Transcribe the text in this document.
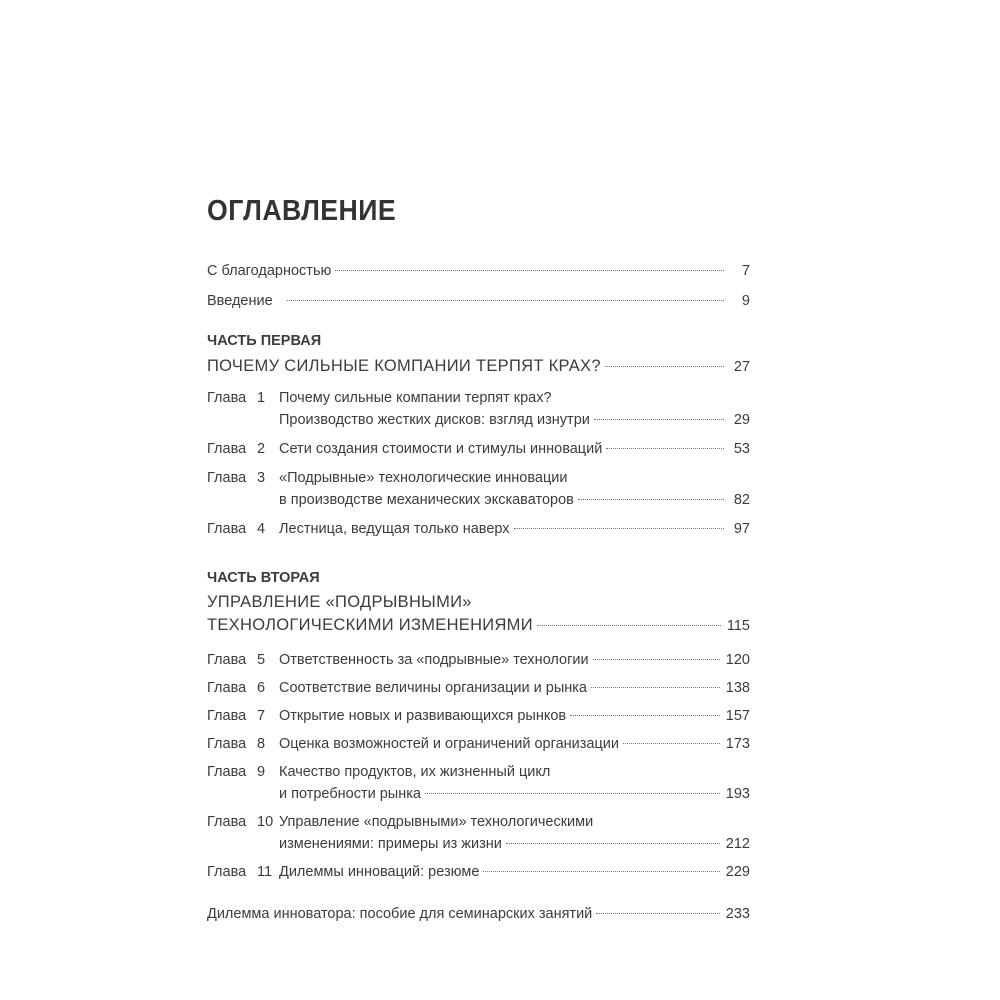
ОГЛАВЛЕНИЕ
С благодарностью	7
Введение	9
ЧАСТЬ ПЕРВАЯ
ПОЧЕМУ СИЛЬНЫЕ КОМПАНИИ ТЕРПЯТ КРАХ?	27
Глава 1 Почему сильные компании терпят крах?
Производство жестких дисков: взгляд изнутри	29
Глава 2 Сети создания стоимости и стимулы инноваций	53
Глава 3 «Подрывные» технологические инновации
в производстве механических экскаваторов	82
Глава 4 Лестница, ведущая только наверх	97
ЧАСТЬ ВТОРАЯ
УПРАВЛЕНИЕ «ПОДРЫВНЫМИ»
ТЕХНОЛОГИЧЕСКИМИ ИЗМЕНЕНИЯМИ	115
Глава 5 Ответственность за «подрывные» технологии	120
Глава 6 Соответствие величины организации и рынка	138
Глава 7 Открытие новых и развивающихся рынков	157
Глава 8 Оценка возможностей и ограничений организации	173
Глава 9 Качество продуктов, их жизненный цикл
и потребности рынка	193
Глава 10 Управление «подрывными» технологическими
изменениями: примеры из жизни	212
Глава 11 Дилеммы инноваций: резюме	229
Дилемма инноватора: пособие для семинарских занятий	233
